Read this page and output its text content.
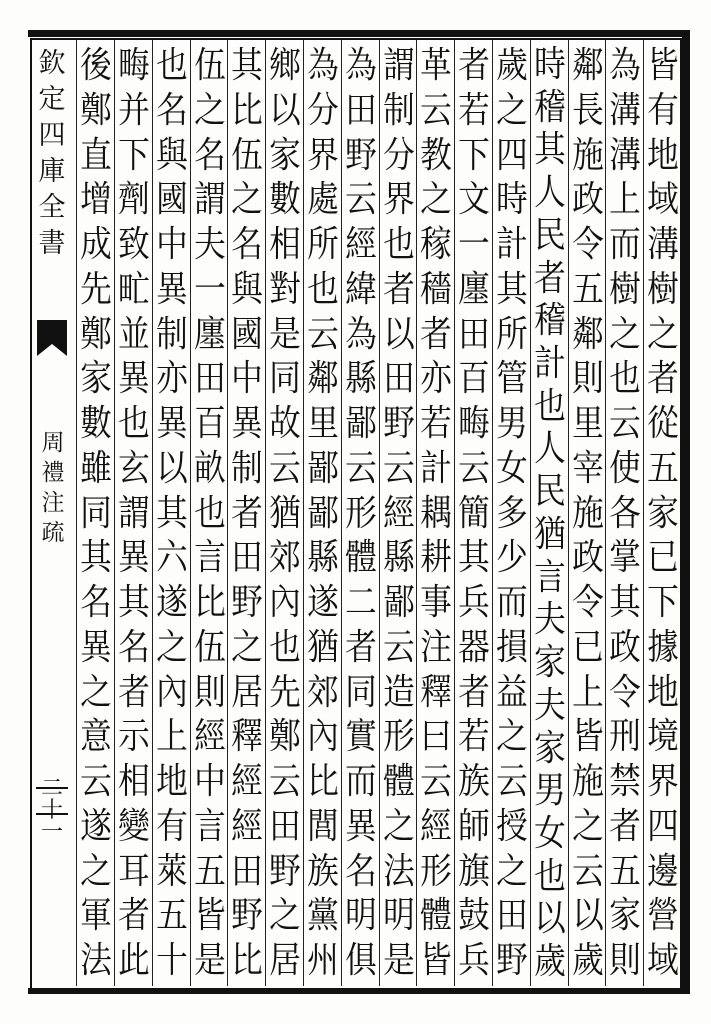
欽
定
四
庫
全
書
周
禮
注
疏
二十一
皆
有
地
域
溝
樹
之
者
從
五
家
已
下
據
地
境
界
四
邊
營
域
為
溝
溝
上
而
樹
之
也
云
使
各
掌
其
政
令
刑
禁
者
五
家
則
鄰
長
施
政
令
五
鄰
則
里
宰
施
政
令
已
上
皆
施
之
云
以
歲
時
稽
其
人
民
者
稽
計
也
人
民
猶
言
夫
家
夫
家
男
女
也
以
歲
歲
之
四
時
計
其
所
管
男
女
多
少
而
損
益
之
云
授
之
田
野
者
若
下
文
一
廛
田
百
畮
云
簡
其
兵
器
者
若
族
師
旗
鼓
兵
革
云
教
之
稼
穡
者
亦
若
計
耦
耕
事
注
釋
曰
云
經
形
體
皆
謂
制
分
界
也
者
以
田
野
云
經
縣
鄙
云
造
形
體
之
法
明
是
為
田
野
云
經
緯
為
縣
鄙
云
形
體
二
者
同
實
而
異
名
明
俱
為
分
界
處
所
也
云
鄰
里
鄙
鄙
縣
遂
猶
郊
內
比
閭
族
黨
州
鄉
以
家
數
相
對
是
同
故
云
猶
郊
內
也
先
鄭
云
田
野
之
居
其
比
伍
之
名
與
國
中
異
制
者
田
野
之
居
釋
經
經
田
野
比
伍
之
名
謂
夫
一
廛
田
百
畝
也
言
比
伍
則
經
中
言
五
皆
是
也
名
與
國
中
異
制
亦
異
以
其
六
遂
之
內
上
地
有
萊
五
十
畮
并
下
劑
致
甿
並
異
也
玄
謂
異
其
名
者
示
相
變
耳
者
此
後
鄭
直
增
成
先
鄭
家
數
雖
同
其
名
異
之
意
云
遂
之
軍
法
